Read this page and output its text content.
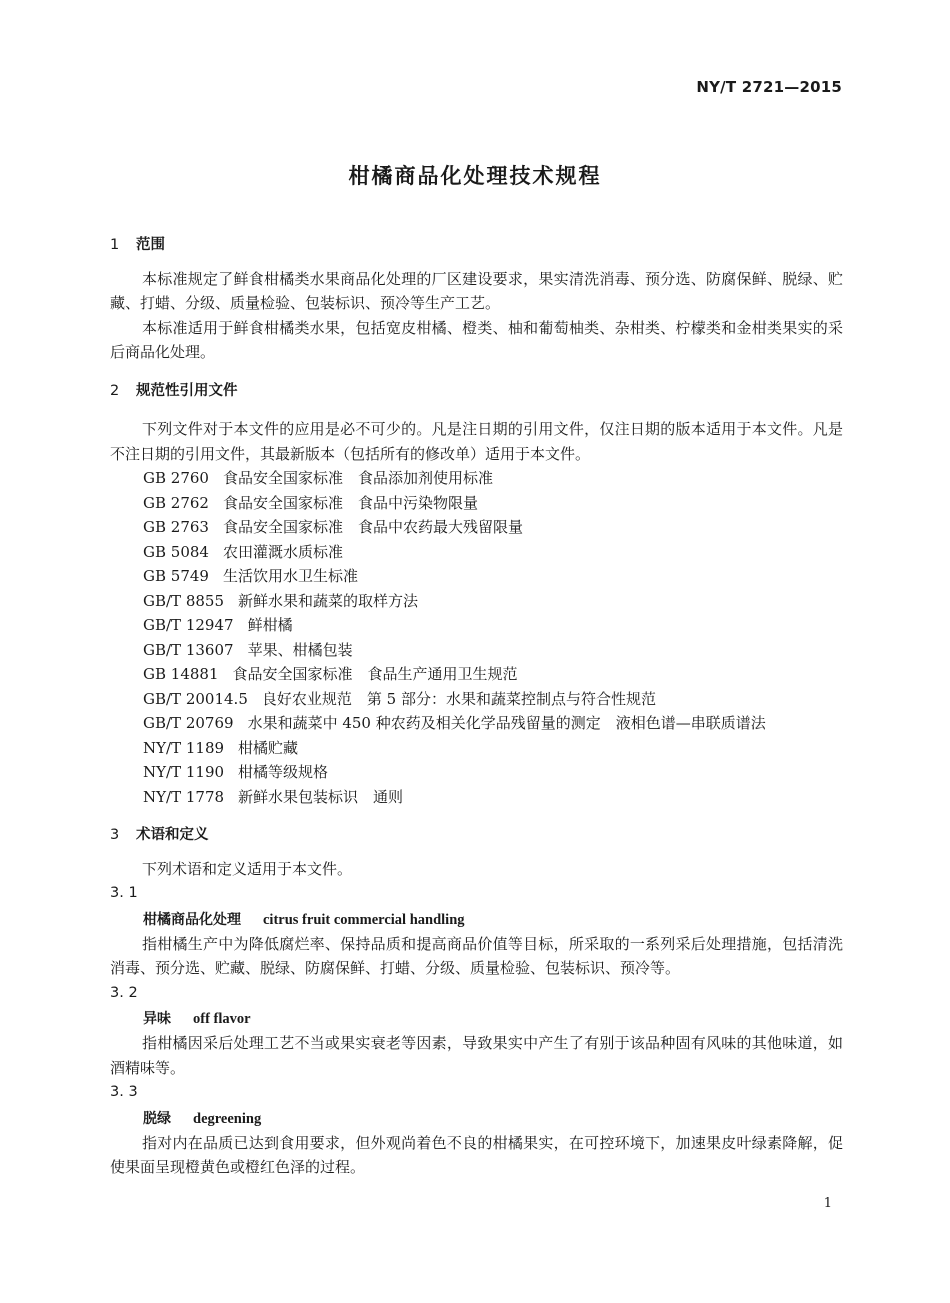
NY/T 2721—2015
柑橘商品化处理技术规程
1 范围

本标准规定了鲜食柑橘类水果商品化处理的厂区建设要求，果实清洗消毒、预分选、防腐保鲜、脱绿、贮藏、打蜡、分级、质量检验、包装标识、预冷等生产工艺。

本标准适用于鲜食柑橘类水果，包括宽皮柑橘、橙类、柚和葡萄柚类、杂柑类、柠檬类和金柑类果实的采后商品化处理。

2 规范性引用文件

下列文件对于本文件的应用是必不可少的。凡是注日期的引用文件，仅注日期的版本适用于本文件。凡是不注日期的引用文件，其最新版本（包括所有的修改单）适用于本文件。

GB 2760 食品安全国家标准　食品添加剂使用标准

GB 2762 食品安全国家标准　食品中污染物限量

GB 2763 食品安全国家标准　食品中农药最大残留限量

GB 5084 农田灌溉水质标准

GB 5749 生活饮用水卫生标准

GB/T 8855 新鲜水果和蔬菜的取样方法

GB/T 12947 鲜柑橘

GB/T 13607 苹果、柑橘包装

GB 14881 食品安全国家标准　食品生产通用卫生规范

GB/T 20014.5 良好农业规范　第 5 部分：水果和蔬菜控制点与符合性规范

GB/T 20769 水果和蔬菜中 450 种农药及相关化学品残留量的测定　液相色谱—串联质谱法

NY/T 1189 柑橘贮藏

NY/T 1190 柑橘等级规格

NY/T 1778 新鲜水果包装标识　通则

3 术语和定义

下列术语和定义适用于本文件。

3. 1
柑橘商品化处理 citrus fruit commercial handling

指柑橘生产中为降低腐烂率、保持品质和提高商品价值等目标，所采取的一系列采后处理措施，包括清洗消毒、预分选、贮藏、脱绿、防腐保鲜、打蜡、分级、质量检验、包装标识、预冷等。

3. 2
异味 off flavor

指柑橘因采后处理工艺不当或果实衰老等因素，导致果实中产生了有别于该品种固有风味的其他味道，如酒精味等。

3. 3
脱绿 degreening

指对内在品质已达到食用要求，但外观尚着色不良的柑橘果实，在可控环境下，加速果皮叶绿素降解，促使果面呈现橙黄色或橙红色泽的过程。

1
